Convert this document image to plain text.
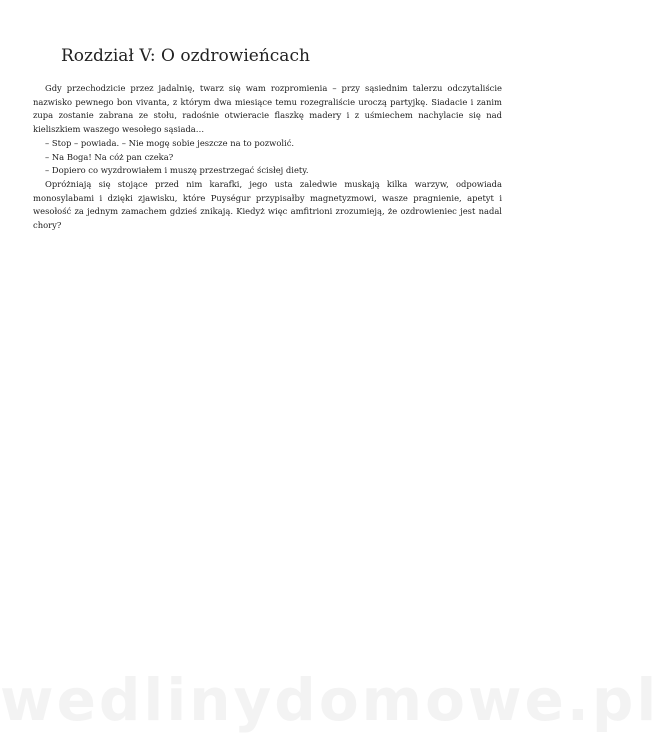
Rozdział V: O ozdrowieńcach

Gdy przechodzicie przez jadalnię, twarz się wam rozpromienia – przy sąsiednim talerzu odczytaliście nazwisko pewnego bon vivanta, z którym dwa miesiące temu rozegraliście uroczą partyjkę. Siadacie i zanim zupa zostanie zabrana ze stołu, radośnie otwieracie flaszkę madery i z uśmiechem nachylacie się nad kieliszkiem waszego wesołego sąsiada…

– Stop – powiada. – Nie mogę sobie jeszcze na to pozwolić.

– Na Boga! Na cóż pan czeka?

– Dopiero co wyzdrowiałem i muszę przestrzegać ścisłej diety.

Opróżniają się stojące przed nim karafki, jego usta zaledwie muskają kilka warzyw, odpowiada monosylabami i dzięki zjawisku, które Puységur przypisałby magnetyzmowi, wasze pragnienie, apetyt i wesołość za jednym zamachem gdzieś znikają. Kiedyż więc amfitrioni zrozumieją, że ozdrowieniec jest nadal chory?

wedlinydomowe.pl
